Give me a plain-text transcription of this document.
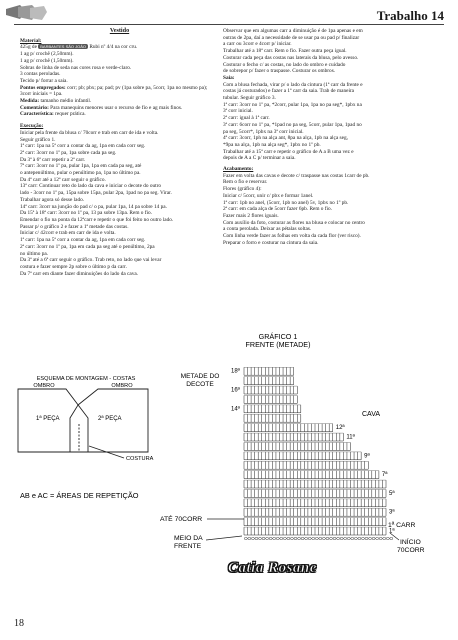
Trabalho 14

Vestido

Material:

425g de BARBANTES SÃO JOÃO Rubi nº 4/4 na cor cru.

1 ag p/ crochê (2,50mm).

1 ag p/ crochê (1,50mm).

Sobras de linha de seda nas cores rosa e verde-claro.

3 contas peroladas.

Tecido p/ forrar a saia.

Pontos empregados: corr; pb; pbx; pa; pad; pv (1pa sobre pa, 5corr, 1pa no mesmo pa); 3corr iniciais = 1pa.

Medida: tamanho médio infantil.

Comentário: Para manequins menores usar o recurso de fio e ag mais finos.

Característica: requer prática.

Execução:

Iniciar pela frente da blusa c/ 70corr e trab em carr de ida e volta.

Seguir gráfico 1.

1ª carr: 1pa na 5ª corr a contar da ag, 1pa em cada corr seg.

2ª carr: 3corr no 1º pa, 1pa sobre cada pa seg.

Da 3ª à 6ª carr repetir a 2ª carr.

7ª carr: 3corr no 1º pa, pular 1pa, 1pa em cada pa seg, até

o antepenúltimo, pular o penúltimo pa, 1pa no último pa.

Da 4ª carr até a 12ª carr seguir o gráfico.

13ª carr: Continuar reto do lado da cava e iniciar o decote do outro

lado - 3corr no 1º pa, 15pa sobre 15pa, pular 2pa, 1pad no pa seg. Virar.

Trabalhar agora só desse lado.

14ª carr: 3corr na junção do pad c/ o pa, pular 1pa, 14 pa sobre 14 pa.

Da 15ª à 18ª carr: 3corr no 1º pa, 13 pa sobre 13pa. Rem o fio.

Emendar o fio na ponta da 12ªcarr e repetir o que foi feito no outro lado.

Passar p/ o gráfico 2 e fazer a 1ª metade das costas.

Iniciar c/ 42corr e trab em carr de ida e volta.

1ª carr: 1pa na 5ª corr a contar da ag, 1pa em cada corr seg.

2ª carr: 3corr no 1º pa, 1pa em cada pa seg até o penúltimo, 2pa

no último pa.

Da 3ª até a 6ª carr seguir o gráfico. Trab reto, no lado que vai levar

costura e fazer sempre 2p sobre o último p da carr.

Da 7ª carr em diante fazer diminuições do lado da cava.

Observar que em algumas carr a diminuição é de 1pa apenas e em

outras de 2pa, daí a necessidade de se usar pa ou pad p/ finalizar

a carr ou 3corr e 4corr p/ iniciar.

Trabalhar até a 18ª carr. Rem o fio. Fazer outra peça igual.

Costurar cada peça das costas nas laterais da blusa, pelo avesso.

Costurar o fecho c/ as costas, no lado do ombro e cuidado

de sobrepor p/ fazer o traspasse. Costurar os ombros.

Saia:

Com a blusa fechada, virar p/ o lado da cintura (1ª carr da frente e

costas já costurados) e fazer a 1ª carr da saia. Trab de maneira

tubular. Seguir gráfico 3.

1ª carr: 3corr no 1º pa, *2corr, pular 1pa, 1pa no pa seg*, 1pbx na

3ª corr inicial.

2ª carr: igual à 1ª carr.

3ª carr: 6corr no 1º pa, *1pad no pa seg, 5corr, pular 1pa, 1pad no

pa seg, 5corr*, 1pbx na 3ª corr inicial.

4ª carr: 3corr, 1ph na alça ant, 8pa na alça, 1pb na alça seg,

*9pa na alça, 1pb na alça seg*, 1pbx no 1º pb.

Trabalhar até a 15ª carr e repetir o gráfico de A a B uma vez e

depois de A a C p/ terminar a saia.

Acabamento:

Fazer em volta das cavas e decote c/ traspasse nas costas 1carr de pb.

Rem o fio e reservar.

Flores (gráfico 4):

Iniciar c/ 5corr, unir c/ pbx e formar 1anel.

1ª carr: 1pb no anel, (5corr, 1pb no anel) 5v, 1pbx no 1º pb.

2ª carr: em cada alça de 5corr fazer 6pb. Rem o fio.

Fazer mais 2 flores iguais.

Com auxílio da foto, costurar as flores na blusa e colocar no centro

a conta perolada. Deixar as pétalas soltas.

Com linha verde fazer as folhas em volta da cada flor (ver risco).

Preparar o forro e costurar na cintura da saia.

ESQUEMA DE MONTAGEM - COSTAS
OMBRO	OMBRO
1ª PEÇA	2ª PEÇA
COSTURA
AB e AC = ÁREAS DE REPETIÇÃO
GRÁFICO 1
FRENTE (METADE)
METADE DO
DECOTE
CAVA
ATÉ 70CORR
MEIO DA
FRENTE
1ª CARR
INÍCIO
70CORR
18ª
16ª
14ª
12ª
11ª
9ª
7ª
5ª
3ª
1ª
Catia Rosane
18
